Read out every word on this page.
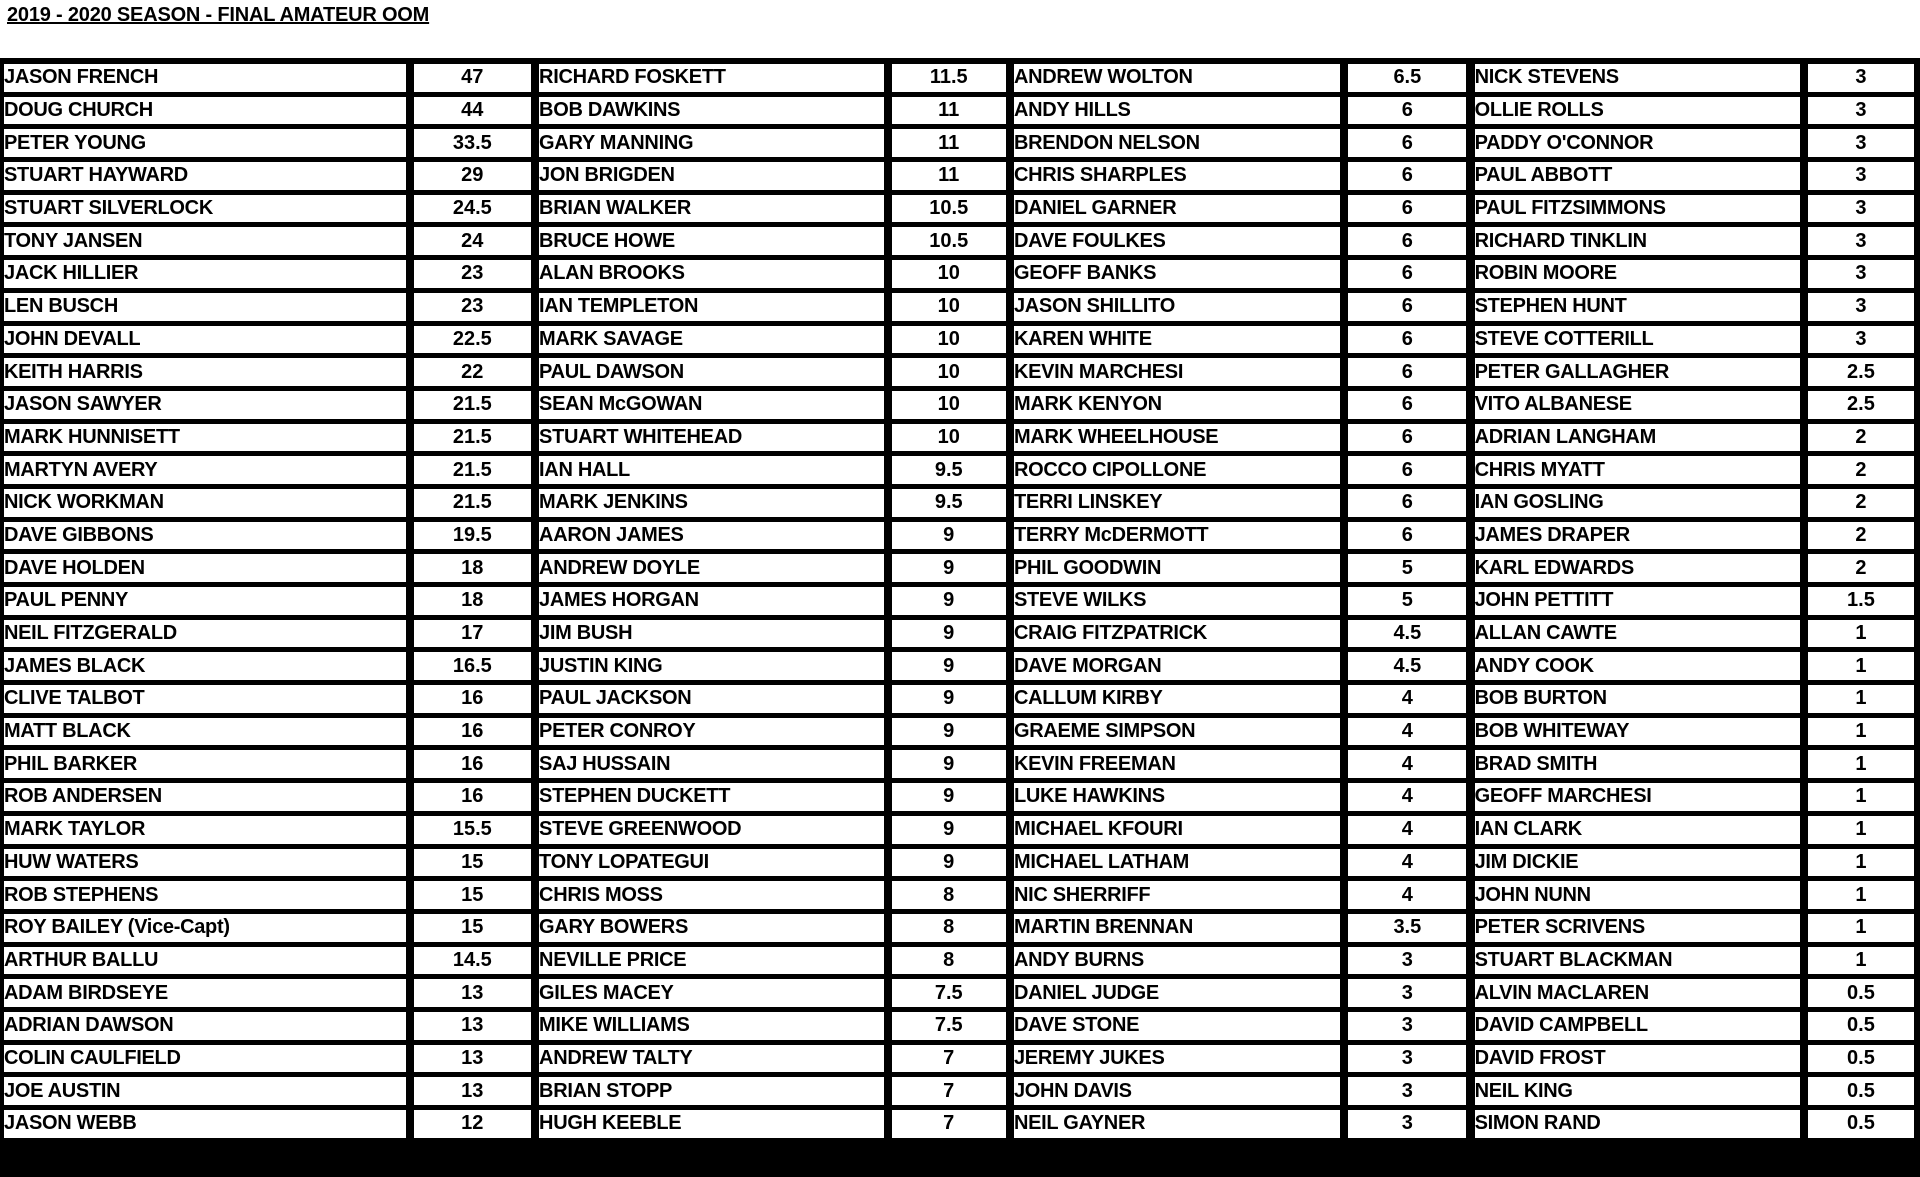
2019 - 2020 SEASON - FINAL AMATEUR OOM
JASON FRENCH		47		RICHARD FOSKETT		11.5		ANDREW WOLTON		6.5		NICK STEVENS		3
DOUG CHURCH		44		BOB DAWKINS		11		ANDY HILLS		6		OLLIE ROLLS		3
PETER YOUNG		33.5		GARY MANNING		11		BRENDON NELSON		6		PADDY O'CONNOR		3
STUART HAYWARD		29		JON BRIGDEN		11		CHRIS SHARPLES		6		PAUL ABBOTT		3
STUART SILVERLOCK		24.5		BRIAN WALKER		10.5		DANIEL GARNER		6		PAUL FITZSIMMONS		3
TONY JANSEN		24		BRUCE HOWE		10.5		DAVE FOULKES		6		RICHARD TINKLIN		3
JACK HILLIER		23		ALAN BROOKS		10		GEOFF BANKS		6		ROBIN MOORE		3
LEN BUSCH		23		IAN TEMPLETON		10		JASON SHILLITO		6		STEPHEN HUNT		3
JOHN DEVALL		22.5		MARK SAVAGE		10		KAREN WHITE		6		STEVE COTTERILL		3
KEITH HARRIS		22		PAUL DAWSON		10		KEVIN MARCHESI		6		PETER GALLAGHER		2.5
JASON SAWYER		21.5		SEAN McGOWAN		10		MARK KENYON		6		VITO ALBANESE		2.5
MARK HUNNISETT		21.5		STUART WHITEHEAD		10		MARK WHEELHOUSE		6		ADRIAN LANGHAM		2
MARTYN AVERY		21.5		IAN HALL		9.5		ROCCO CIPOLLONE		6		CHRIS MYATT		2
NICK WORKMAN		21.5		MARK JENKINS		9.5		TERRI LINSKEY		6		IAN GOSLING		2
DAVE GIBBONS		19.5		AARON JAMES		9		TERRY McDERMOTT		6		JAMES DRAPER		2
DAVE HOLDEN		18		ANDREW DOYLE		9		PHIL GOODWIN		5		KARL EDWARDS		2
PAUL PENNY		18		JAMES HORGAN		9		STEVE WILKS		5		JOHN PETTITT		1.5
NEIL FITZGERALD		17		JIM BUSH		9		CRAIG FITZPATRICK		4.5		ALLAN CAWTE		1
JAMES BLACK		16.5		JUSTIN KING		9		DAVE MORGAN		4.5		ANDY COOK		1
CLIVE TALBOT		16		PAUL JACKSON		9		CALLUM KIRBY		4		BOB BURTON		1
MATT BLACK		16		PETER CONROY		9		GRAEME SIMPSON		4		BOB WHITEWAY		1
PHIL BARKER		16		SAJ HUSSAIN		9		KEVIN FREEMAN		4		BRAD SMITH		1
ROB ANDERSEN		16		STEPHEN DUCKETT		9		LUKE HAWKINS		4		GEOFF MARCHESI		1
MARK TAYLOR		15.5		STEVE GREENWOOD		9		MICHAEL KFOURI		4		IAN CLARK		1
HUW WATERS		15		TONY LOPATEGUI		9		MICHAEL LATHAM		4		JIM DICKIE		1
ROB STEPHENS		15		CHRIS MOSS		8		NIC SHERRIFF		4		JOHN NUNN		1
ROY BAILEY (Vice-Capt)		15		GARY BOWERS		8		MARTIN BRENNAN		3.5		PETER SCRIVENS		1
ARTHUR BALLU		14.5		NEVILLE PRICE		8		ANDY BURNS		3		STUART BLACKMAN		1
ADAM BIRDSEYE		13		GILES MACEY		7.5		DANIEL JUDGE		3		ALVIN MACLAREN		0.5
ADRIAN DAWSON		13		MIKE WILLIAMS		7.5		DAVE STONE		3		DAVID CAMPBELL		0.5
COLIN CAULFIELD		13		ANDREW TALTY		7		JEREMY JUKES		3		DAVID FROST		0.5
JOE AUSTIN		13		BRIAN STOPP		7		JOHN DAVIS		3		NEIL KING		0.5
JASON WEBB		12		HUGH KEEBLE		7		NEIL GAYNER		3		SIMON RAND		0.5
